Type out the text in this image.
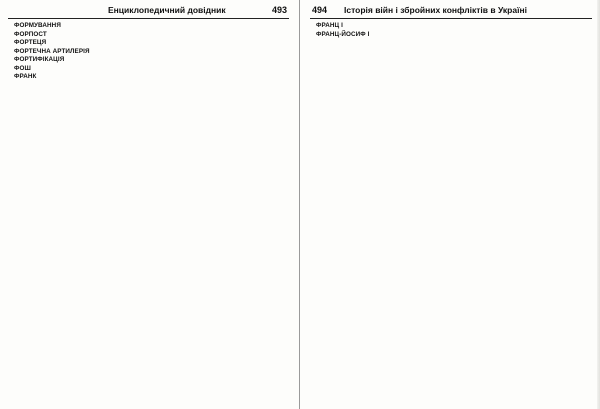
Енциклопедичний довідник	493

ФОРМУВАННЯ

ФОРПОСТ

ФОРТЕЦЯ

ФОРТЕЧНА АРТИЛЕРІЯ

ФОРТИФІКАЦІЯ

ФОШ

ФРАНК

494 Історія війн і збройних конфліктів в Україні

ФРАНЦ I

ФРАНЦ-ЙОСИФ I
